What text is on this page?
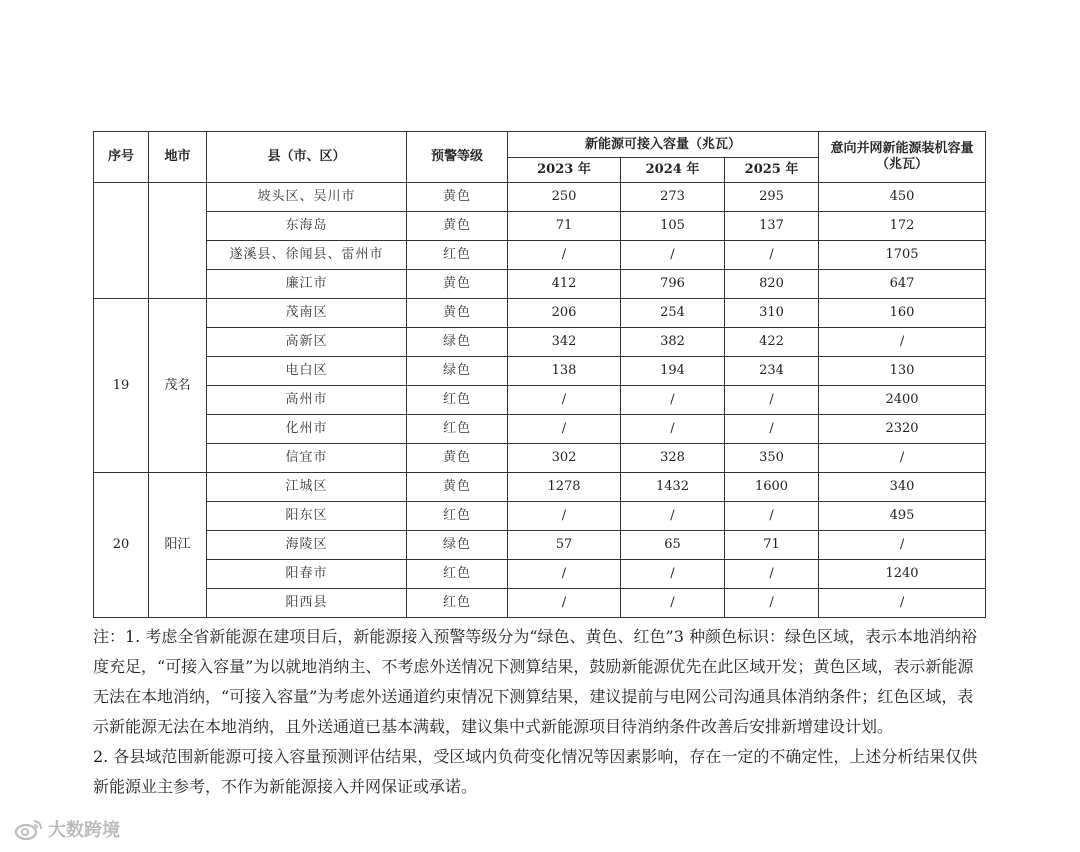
序号	地市	县（市、区）	预警等级	新能源可接入容量（兆瓦）			意向并网新能源装机容量（兆瓦）
				2023 年	2024 年	2025 年	
		坡头区、吴川市	黄色	250	273	295	450
		东海岛	黄色	71	105	137	172
		遂溪县、徐闻县、雷州市	红色	/	/	/	1705
		廉江市	黄色	412	796	820	647
19	茂名	茂南区	黄色	206	254	310	160
		高新区	绿色	342	382	422	/
		电白区	绿色	138	194	234	130
		高州市	红色	/	/	/	2400
		化州市	红色	/	/	/	2320
		信宜市	黄色	302	328	350	/
20	阳江	江城区	黄色	1278	1432	1600	340
		阳东区	红色	/	/	/	495
		海陵区	绿色	57	65	71	/
		阳春市	红色	/	/	/	1240
		阳西县	红色	/	/	/	/

注：1. 考虑全省新能源在建项目后，新能源接入预警等级分为“绿色、黄色、红色”3 种颜色标识：绿色区域，表示本地消纳裕度充足，“可接入容量”为以就地消纳主、不考虑外送情况下测算结果，鼓励新能源优先在此区域开发；黄色区域，表示新能源无法在本地消纳，“可接入容量”为考虑外送通道约束情况下测算结果，建议提前与电网公司沟通具体消纳条件；红色区域，表示新能源无法在本地消纳，且外送通道已基本满载，建议集中式新能源项目待消纳条件改善后安排新增建设计划。

2. 各县域范围新能源可接入容量预测评估结果，受区域内负荷变化情况等因素影响，存在一定的不确定性，上述分析结果仅供新能源业主参考，不作为新能源接入并网保证或承诺。

大数跨境
